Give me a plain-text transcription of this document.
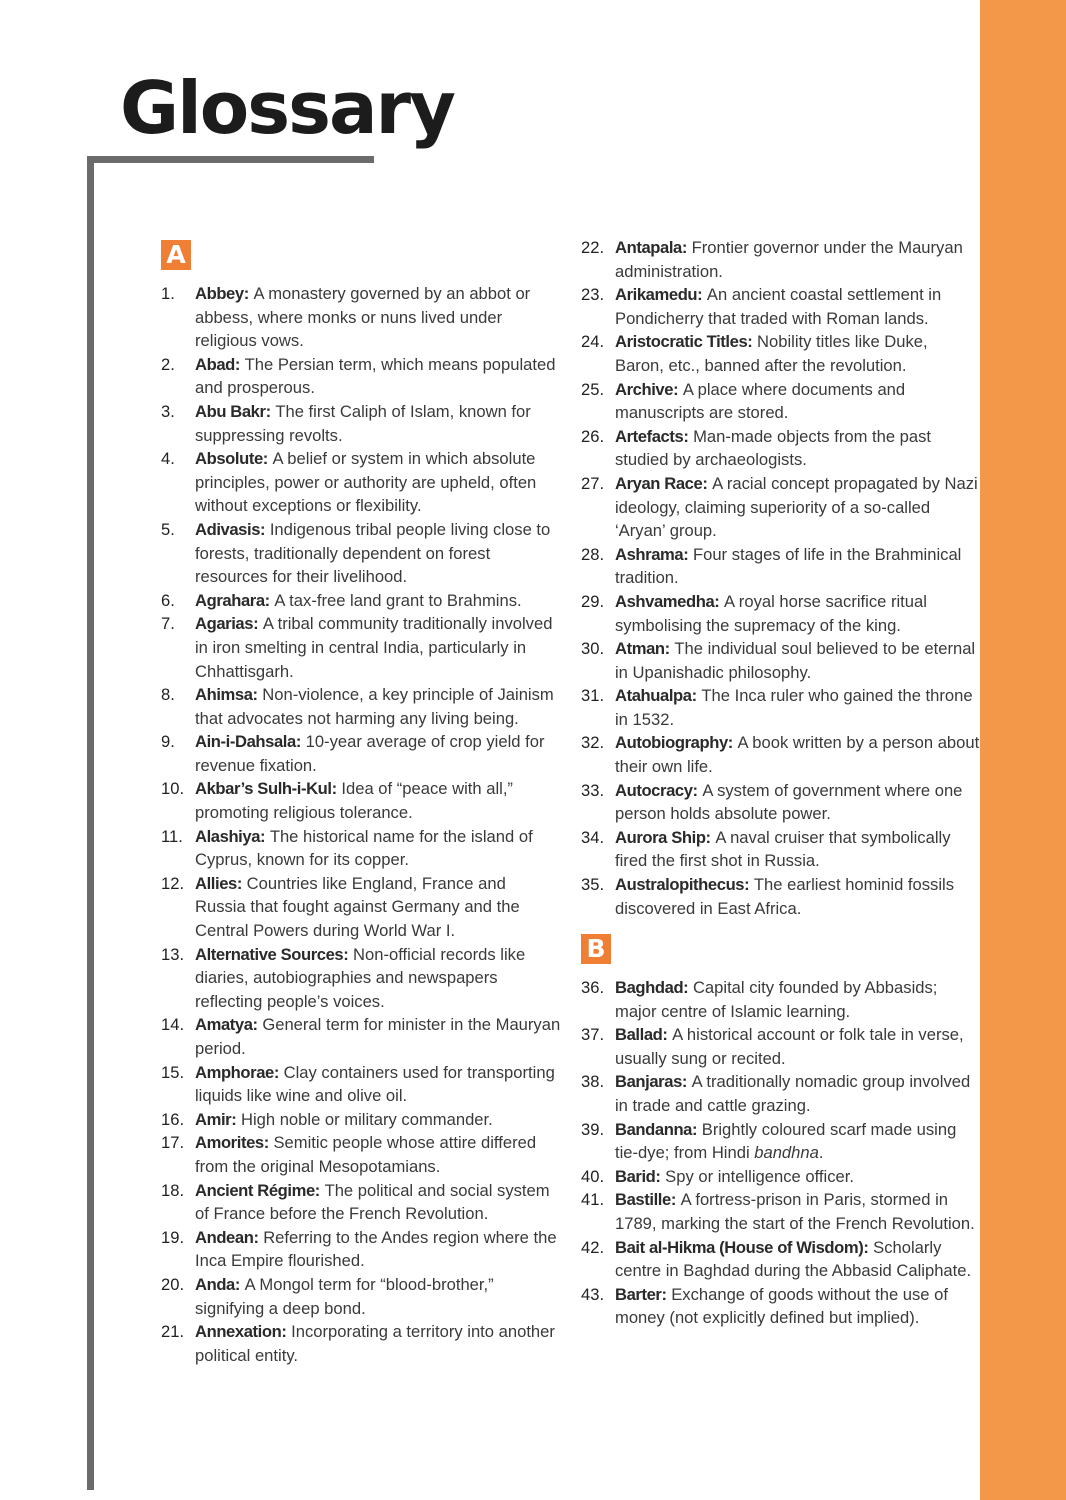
Glossary
A
1. Abbey: A monastery governed by an abbot or abbess, where monks or nuns lived under religious vows.
2. Abad: The Persian term, which means populated and prosperous.
3. Abu Bakr: The first Caliph of Islam, known for suppressing revolts.
4. Absolute: A belief or system in which absolute principles, power or authority are upheld, often without exceptions or flexibility.
5. Adivasis: Indigenous tribal people living close to forests, traditionally dependent on forest resources for their livelihood.
6. Agrahara: A tax-free land grant to Brahmins.
7. Agarias: A tribal community traditionally involved in iron smelting in central India, particularly in Chhattisgarh.
8. Ahimsa: Non-violence, a key principle of Jainism that advocates not harming any living being.
9. Ain-i-Dahsala: 10-year average of crop yield for revenue fixation.
10. Akbar’s Sulh-i-Kul: Idea of “peace with all,” promoting religious tolerance.
11. Alashiya: The historical name for the island of Cyprus, known for its copper.
12. Allies: Countries like England, France and Russia that fought against Germany and the Central Powers during World War I.
13. Alternative Sources: Non-official records like diaries, autobiographies and newspapers reflecting people’s voices.
14. Amatya: General term for minister in the Mauryan period.
15. Amphorae: Clay containers used for transporting liquids like wine and olive oil.
16. Amir: High noble or military commander.
17. Amorites: Semitic people whose attire differed from the original Mesopotamians.
18. Ancient Régime: The political and social system of France before the French Revolution.
19. Andean: Referring to the Andes region where the Inca Empire flourished.
20. Anda: A Mongol term for “blood-brother,” signifying a deep bond.
21. Annexation: Incorporating a territory into another political entity.
22. Antapala: Frontier governor under the Mauryan administration.
23. Arikamedu: An ancient coastal settlement in Pondicherry that traded with Roman lands.
24. Aristocratic Titles: Nobility titles like Duke, Baron, etc., banned after the revolution.
25. Archive: A place where documents and manuscripts are stored.
26. Artefacts: Man-made objects from the past studied by archaeologists.
27. Aryan Race: A racial concept propagated by Nazi ideology, claiming superiority of a so-called ‘Aryan’ group.
28. Ashrama: Four stages of life in the Brahminical tradition.
29. Ashvamedha: A royal horse sacrifice ritual symbolising the supremacy of the king.
30. Atman: The individual soul believed to be eternal in Upanishadic philosophy.
31. Atahualpa: The Inca ruler who gained the throne in 1532.
32. Autobiography: A book written by a person about their own life.
33. Autocracy: A system of government where one person holds absolute power.
34. Aurora Ship: A naval cruiser that symbolically fired the first shot in Russia.
35. Australopithecus: The earliest hominid fossils discovered in East Africa.
B
36. Baghdad: Capital city founded by Abbasids; major centre of Islamic learning.
37. Ballad: A historical account or folk tale in verse, usually sung or recited.
38. Banjaras: A traditionally nomadic group involved in trade and cattle grazing.
39. Bandanna: Brightly coloured scarf made using tie-dye; from Hindi bandhna.
40. Barid: Spy or intelligence officer.
41. Bastille: A fortress-prison in Paris, stormed in 1789, marking the start of the French Revolution.
42. Bait al-Hikma (House of Wisdom): Scholarly centre in Baghdad during the Abbasid Caliphate.
43. Barter: Exchange of goods without the use of money (not explicitly defined but implied).
